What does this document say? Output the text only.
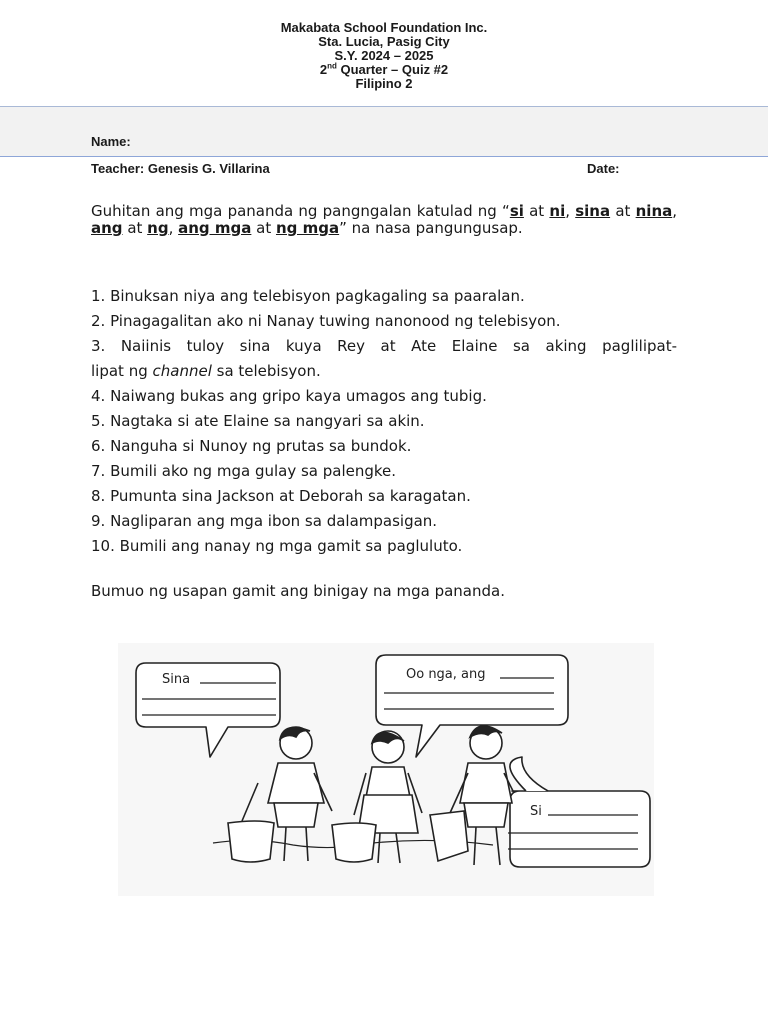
Makabata School Foundation Inc.
Sta. Lucia, Pasig City
S.Y. 2024 – 2025
2nd Quarter – Quiz #2
Filipino 2
Name:
Teacher: Genesis G. Villarina	Date:
Guhitan ang mga pananda ng pangngalan katulad ng “si at ni, sina at nina, ang at ng, ang mga at ng mga” na nasa pangungusap.
1. Binuksan niya ang telebisyon pagkagaling sa paaralan.
2. Pinagagalitan ako ni Nanay tuwing nanonood ng telebisyon.
3. Naiinis tuloy sina kuya Rey at Ate Elaine sa aking paglilipat-
lipat ng channel sa telebisyon.
4. Naiwang bukas ang gripo kaya umagos ang tubig.
5. Nagtaka si ate Elaine sa nangyari sa akin.
6. Nanguha si Nunoy ng prutas sa bundok.
7. Bumili ako ng mga gulay sa palengke.
8. Pumunta sina Jackson at Deborah sa karagatan.
9. Nagliparan ang mga ibon sa dalampasigan.
10. Bumili ang nanay ng mga gamit sa pagluluto.
Bumuo ng usapan gamit ang binigay na mga pananda.
Sina	Oo nga, ang
Si
